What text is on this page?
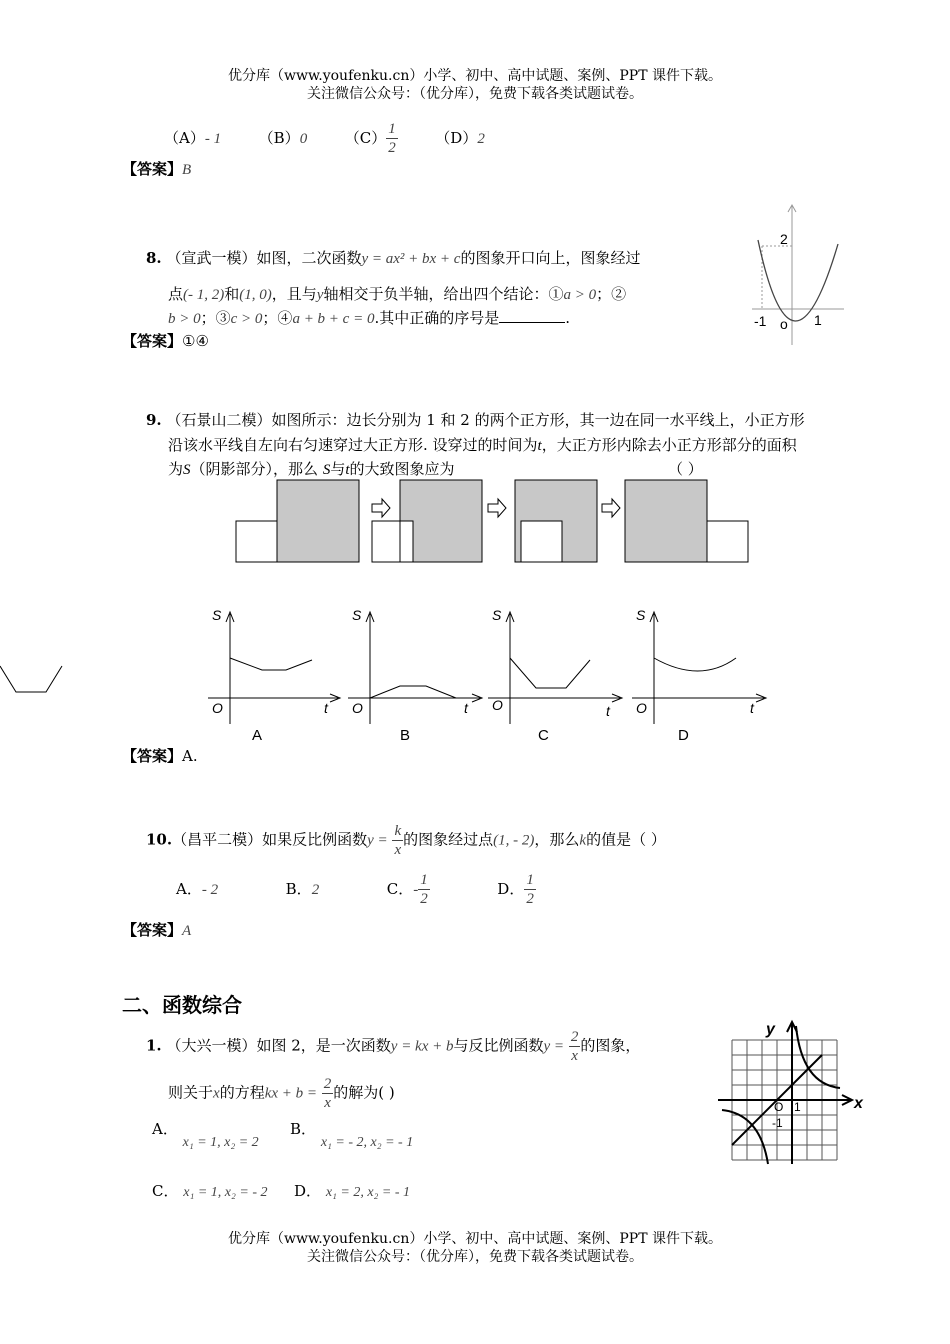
优分库（www.youfenku.cn）小学、初中、高中试题、案例、PPT 课件下载。
关注微信公众号：（优分库），免费下载各类试题试卷。
（A）- 1	（B）0	$(C) \frac{1}{2}$	（D）2
【答案】B
8. （宣武一模）如图，二次函数y = ax² + bx + c的图象开口向上，图象经过
点(- 1, 2)和(1, 0)，且与y轴相交于负半轴，给出四个结论：①a > 0；②
b > 0；③c > 0；④a + b + c = 0.其中正确的序号是	.
【答案】①④
2
-1 o 1
9. （石景山二模）如图所示：边长分别为 1 和 2 的两个正方形，其一边在同一水平线上，小正方形
沿该水平线自左向右匀速穿过大正方形. 设穿过的时间为t，大正方形内除去小正方形部分的面积
为S（阴影部分），那么 S与t的大致图象应为	（ ）
S
O	t
A
S
O	t
B
S
O	t
C
S
O	t
D
【答案】A.
10.（昌平二模）如果反比例函数$y = \frac{k}{x}$ 的图象经过点(1, - 2)，那么k的值是（ ）
A．- 2	B．2	C．- $\frac{1}{2}$	D． $\frac{1}{2}$
【答案】A
二、函数综合
1. （大兴一模）如图 2，是一次函数y = kx + b与反比例函数$y = \frac{2}{x}$ 的图象，
则关于x的方程kx + $b = \frac{2}{x}$ 的解为( )
A． x₁ = 1, x₂ = 2
B． x₁ = - 2, x₂ = - 1
C． x₁ = 1, x₂ = - 2 D． x₁ = 2, x₂ = - 1
y
x
O 1
-1
优分库（www.youfenku.cn）小学、初中、高中试题、案例、PPT 课件下载。
关注微信公众号：（优分库），免费下载各类试题试卷。
